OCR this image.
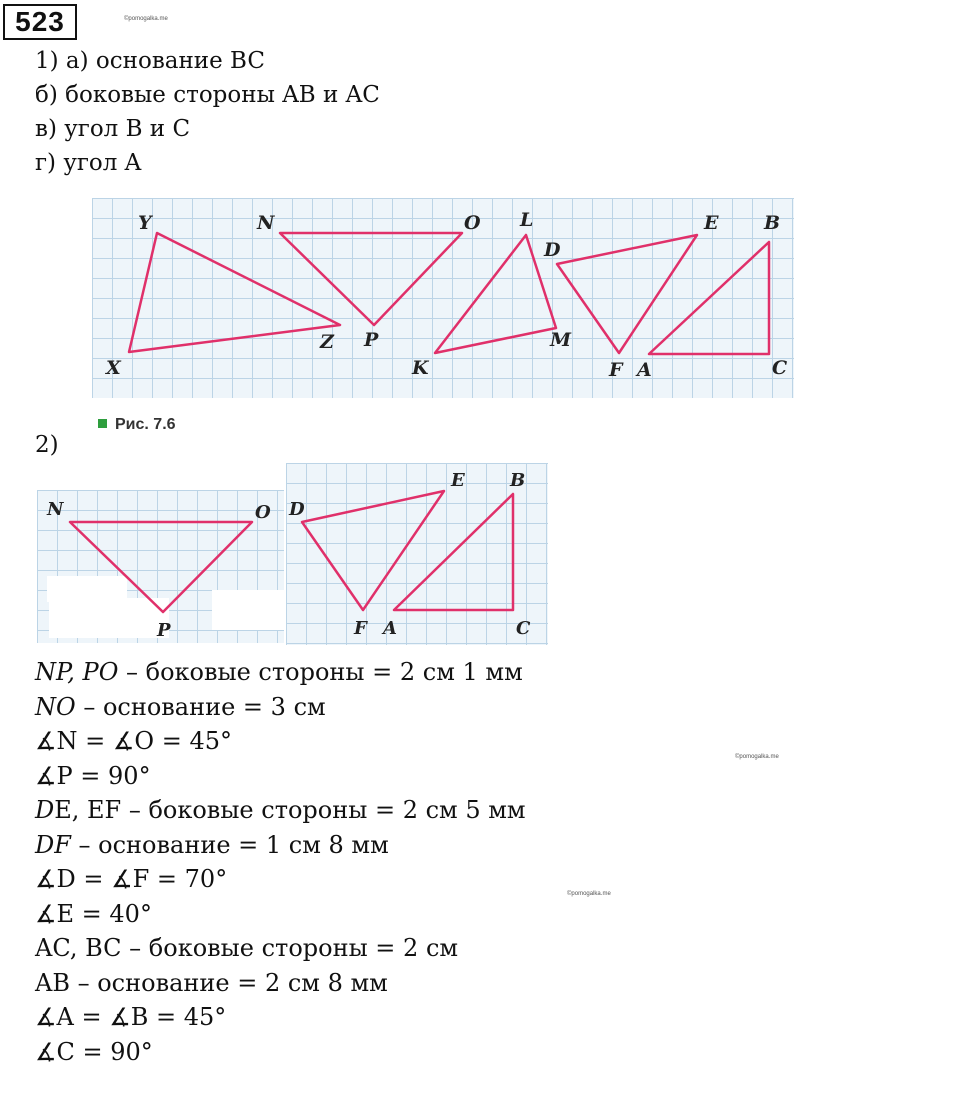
523	©pomogalka.me
1) а) основание BC
б) боковые стороны AB и AC
в) угол B и C
г) угол A
Y	N	O L	E B
D
X
Z P
K
M
F A	C
Рис. 7.6
2)
N	O
P
D
E	B
F A	C
NP, PO – боковые стороны = 2 см 1 мм
NO – основание = 3 см
∡N = ∡O = 45°
∡P = 90°
DE, EF – боковые стороны = 2 см 5 мм
DF – основание = 1 см 8 мм
∡D = ∡F = 70°
∡E = 40°
AC, BC – боковые стороны = 2 см
AB – основание = 2 см 8 мм
∡A = ∡B = 45°
∡C = 90°
©pomogalka.me
©pomogalka.me
